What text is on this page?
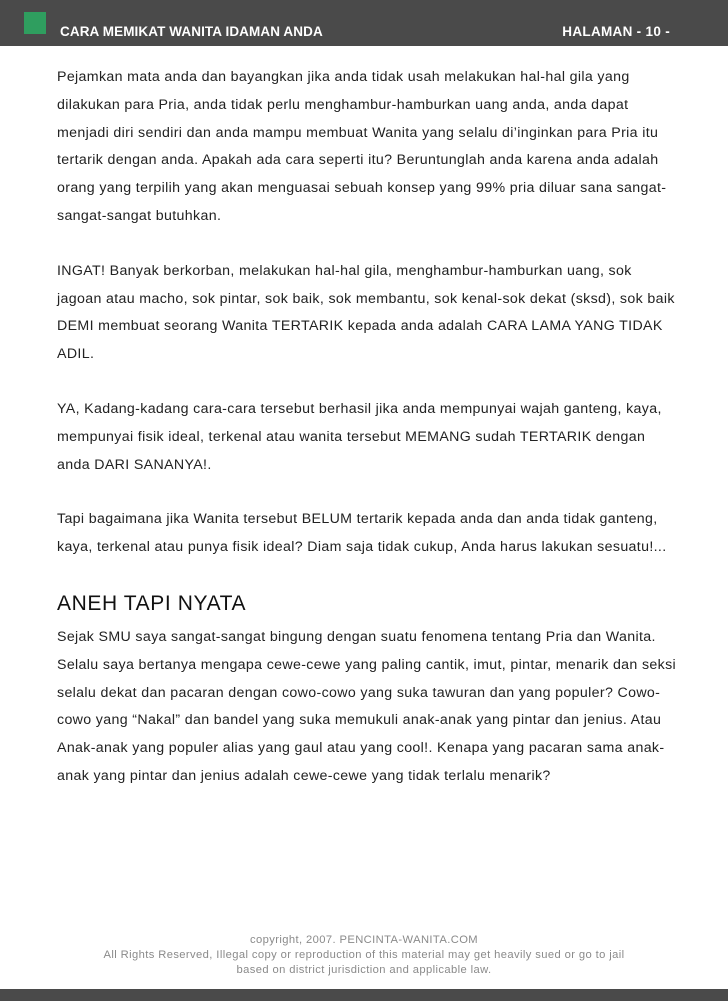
CARA MEMIKAT WANITA IDAMAN ANDA	HALAMAN - 10 -

Pejamkan mata anda dan bayangkan jika anda tidak usah melakukan hal-hal gila yang dilakukan para Pria, anda tidak perlu menghambur-hamburkan uang anda, anda dapat menjadi diri sendiri dan anda mampu membuat Wanita yang selalu di’inginkan para Pria itu tertarik dengan anda. Apakah ada cara seperti itu? Beruntunglah anda karena anda adalah orang yang terpilih yang akan menguasai sebuah konsep yang 99% pria diluar sana sangat-sangat-sangat butuhkan.

INGAT! Banyak berkorban, melakukan hal-hal gila, menghambur-hamburkan uang, sok jagoan atau macho, sok pintar, sok baik, sok membantu, sok kenal-sok dekat (sksd), sok baik DEMI membuat seorang Wanita TERTARIK kepada anda adalah CARA LAMA YANG TIDAK ADIL.

YA, Kadang-kadang cara-cara tersebut berhasil jika anda mempunyai wajah ganteng, kaya, mempunyai fisik ideal, terkenal atau wanita tersebut MEMANG sudah TERTARIK dengan anda DARI SANANYA!.

Tapi bagaimana jika Wanita tersebut BELUM tertarik kepada anda dan anda tidak ganteng, kaya, terkenal atau punya fisik ideal? Diam saja tidak cukup, Anda harus lakukan sesuatu!...

ANEH TAPI NYATA

Sejak SMU saya sangat-sangat bingung dengan suatu fenomena tentang Pria dan Wanita. Selalu saya bertanya mengapa cewe-cewe yang paling cantik, imut, pintar, menarik dan seksi selalu dekat dan pacaran dengan cowo-cowo yang suka tawuran dan yang populer? Cowo-cowo yang “Nakal” dan bandel yang suka memukuli anak-anak yang pintar dan jenius. Atau Anak-anak yang populer alias yang gaul atau yang cool!. Kenapa yang pacaran sama anak-anak yang pintar dan jenius adalah cewe-cewe yang tidak terlalu menarik?

copyright, 2007. PENCINTA-WANITA.COM
All Rights Reserved, Illegal copy or reproduction of this material may get heavily sued or go to jail
based on district jurisdiction and applicable law.
